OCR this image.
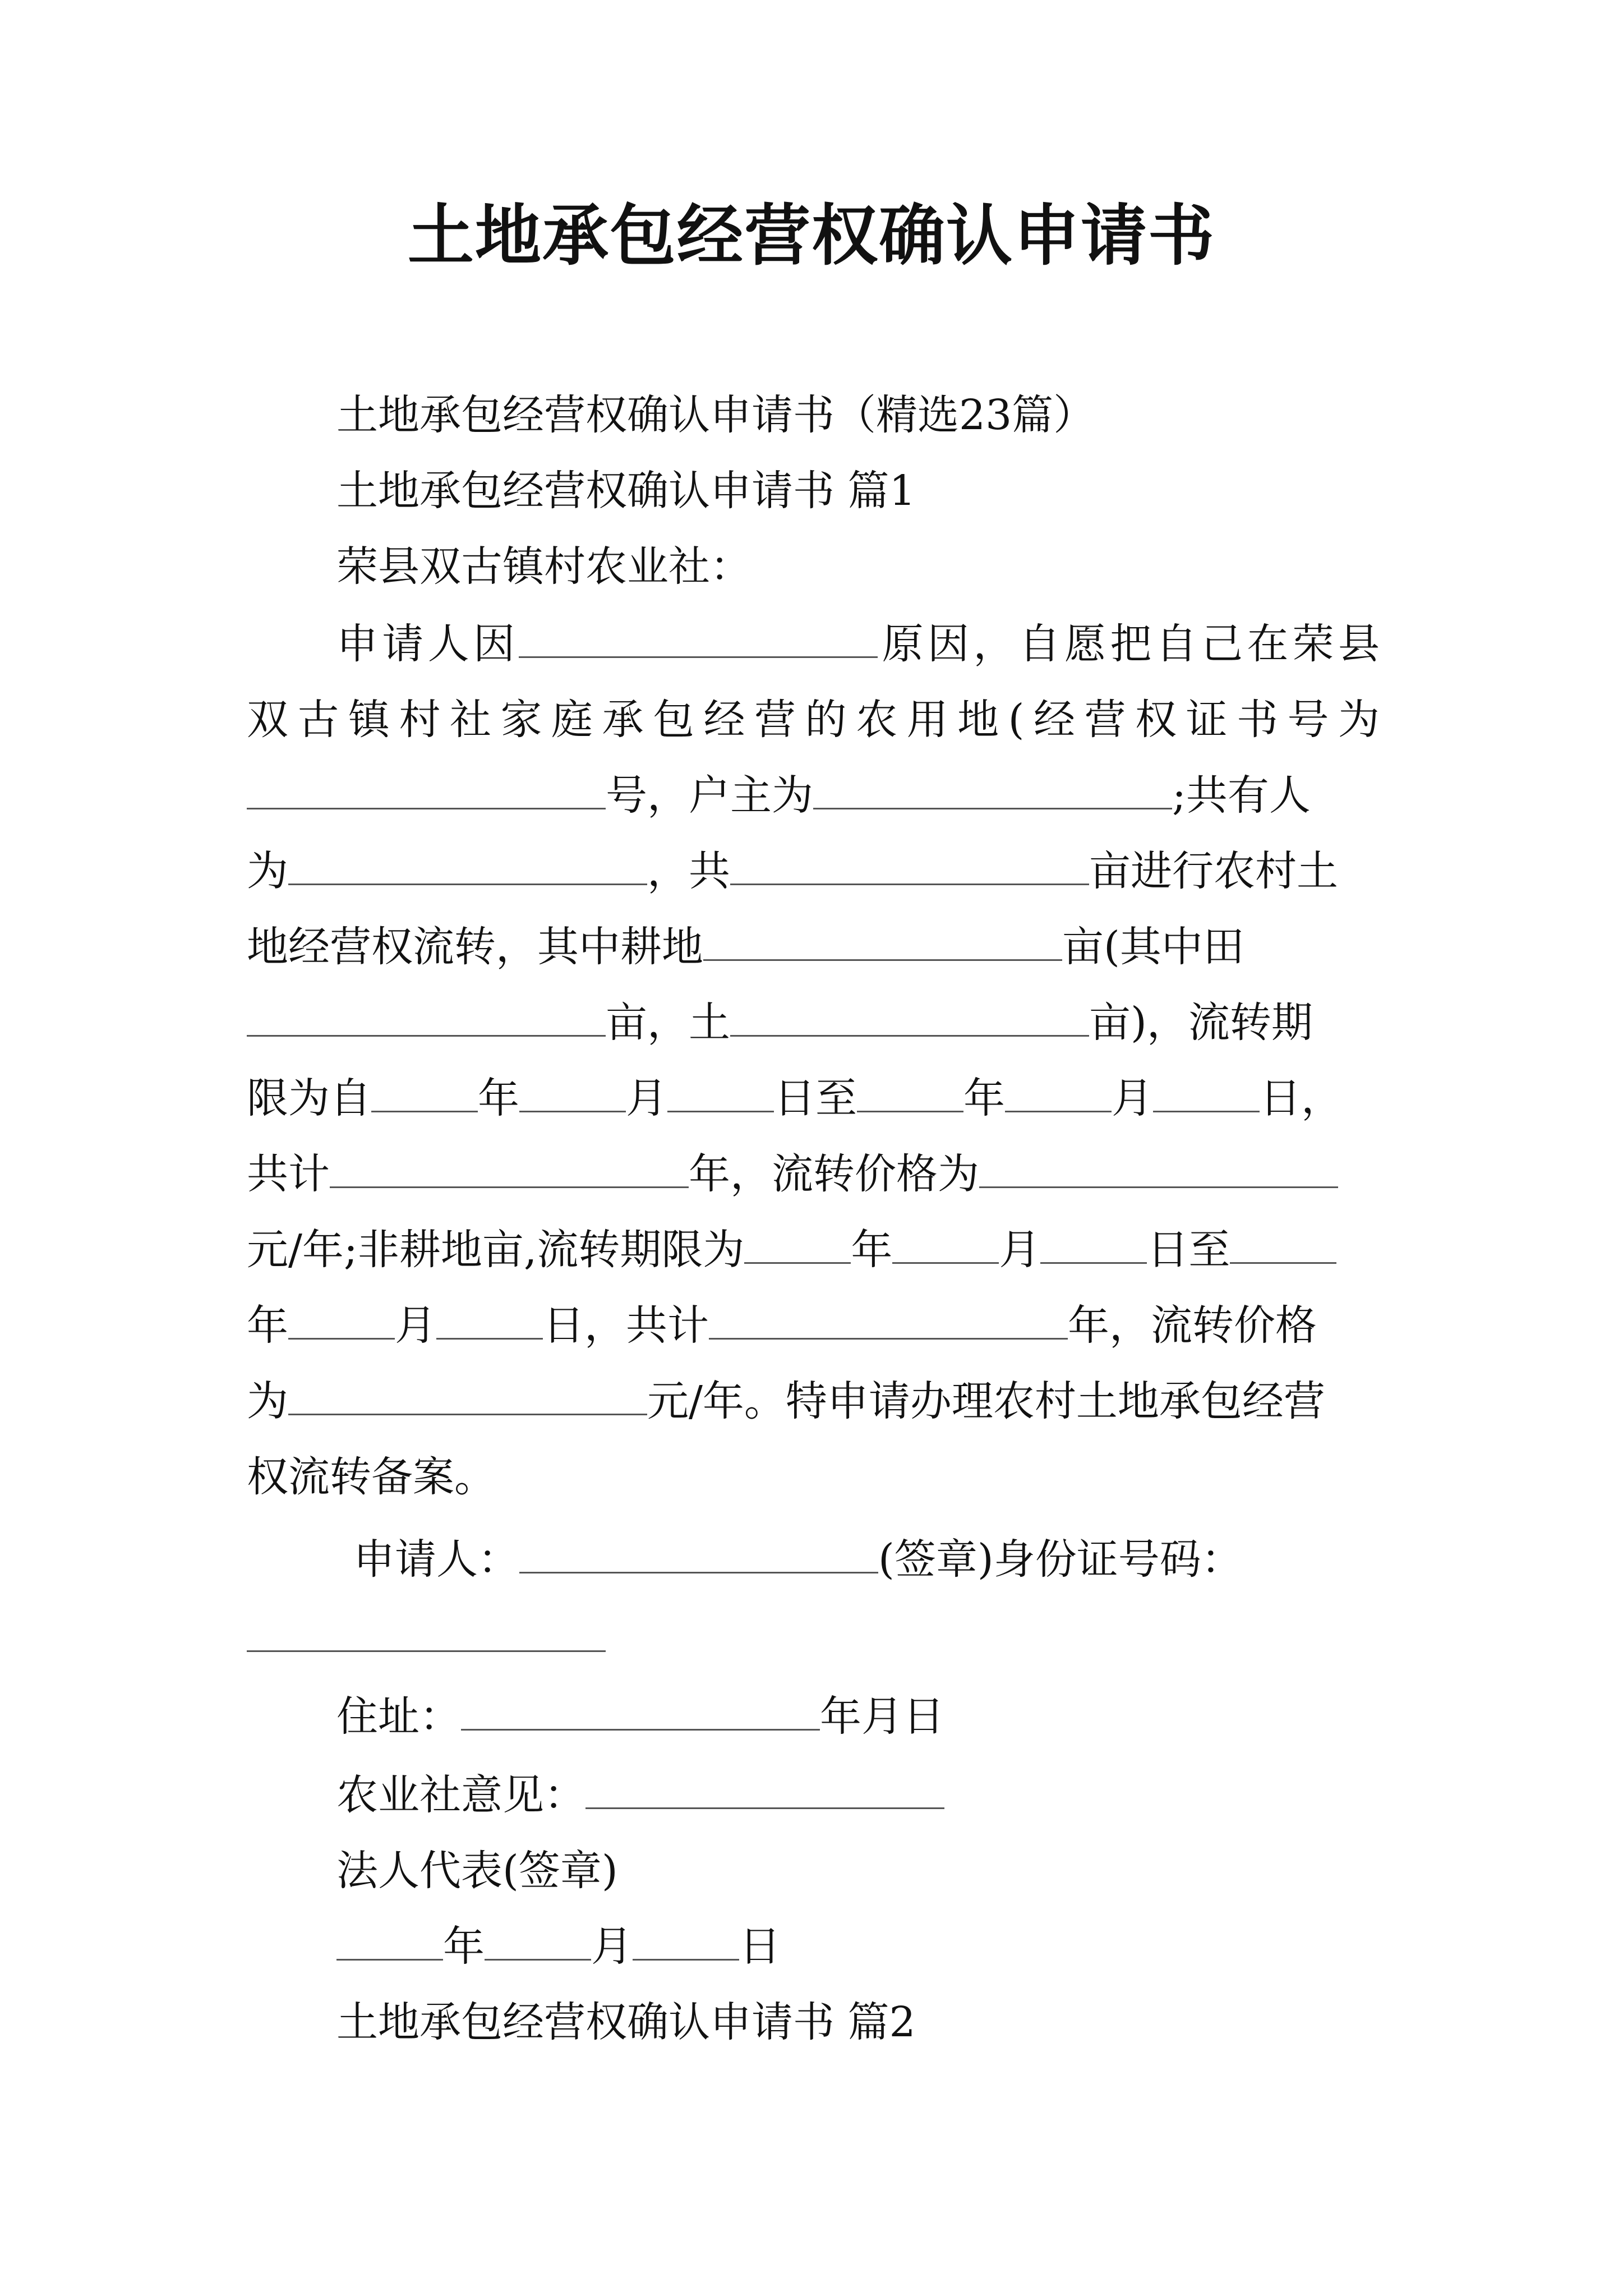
土地承包经营权确认申请书
土地承包经营权确认申请书（精选23篇）
土地承包经营权确认申请书 篇1
荣县双古镇村农业社：
申请人因	原因，自愿把自己在荣县
双古镇村社家庭承包经营的农用地(经营权证书号为
号，户主为	;共有人
为	，共	亩进行农村土
地经营权流转，其中耕地	亩(其中田
亩，土	亩)，流转期
限为自	年	月	日至	年	月	日，
共计	年，流转价格为
元/年;非耕地亩,流转期限为	年	月	日至
年	月	日，共计	年，流转价格
为	元/年。特申请办理农村土地承包经营
权流转备案。
申请人：	(签章)身份证号码：
住址：	年月日
农业社意见：
法人代表(签章)
年	月	日
土地承包经营权确认申请书 篇2
